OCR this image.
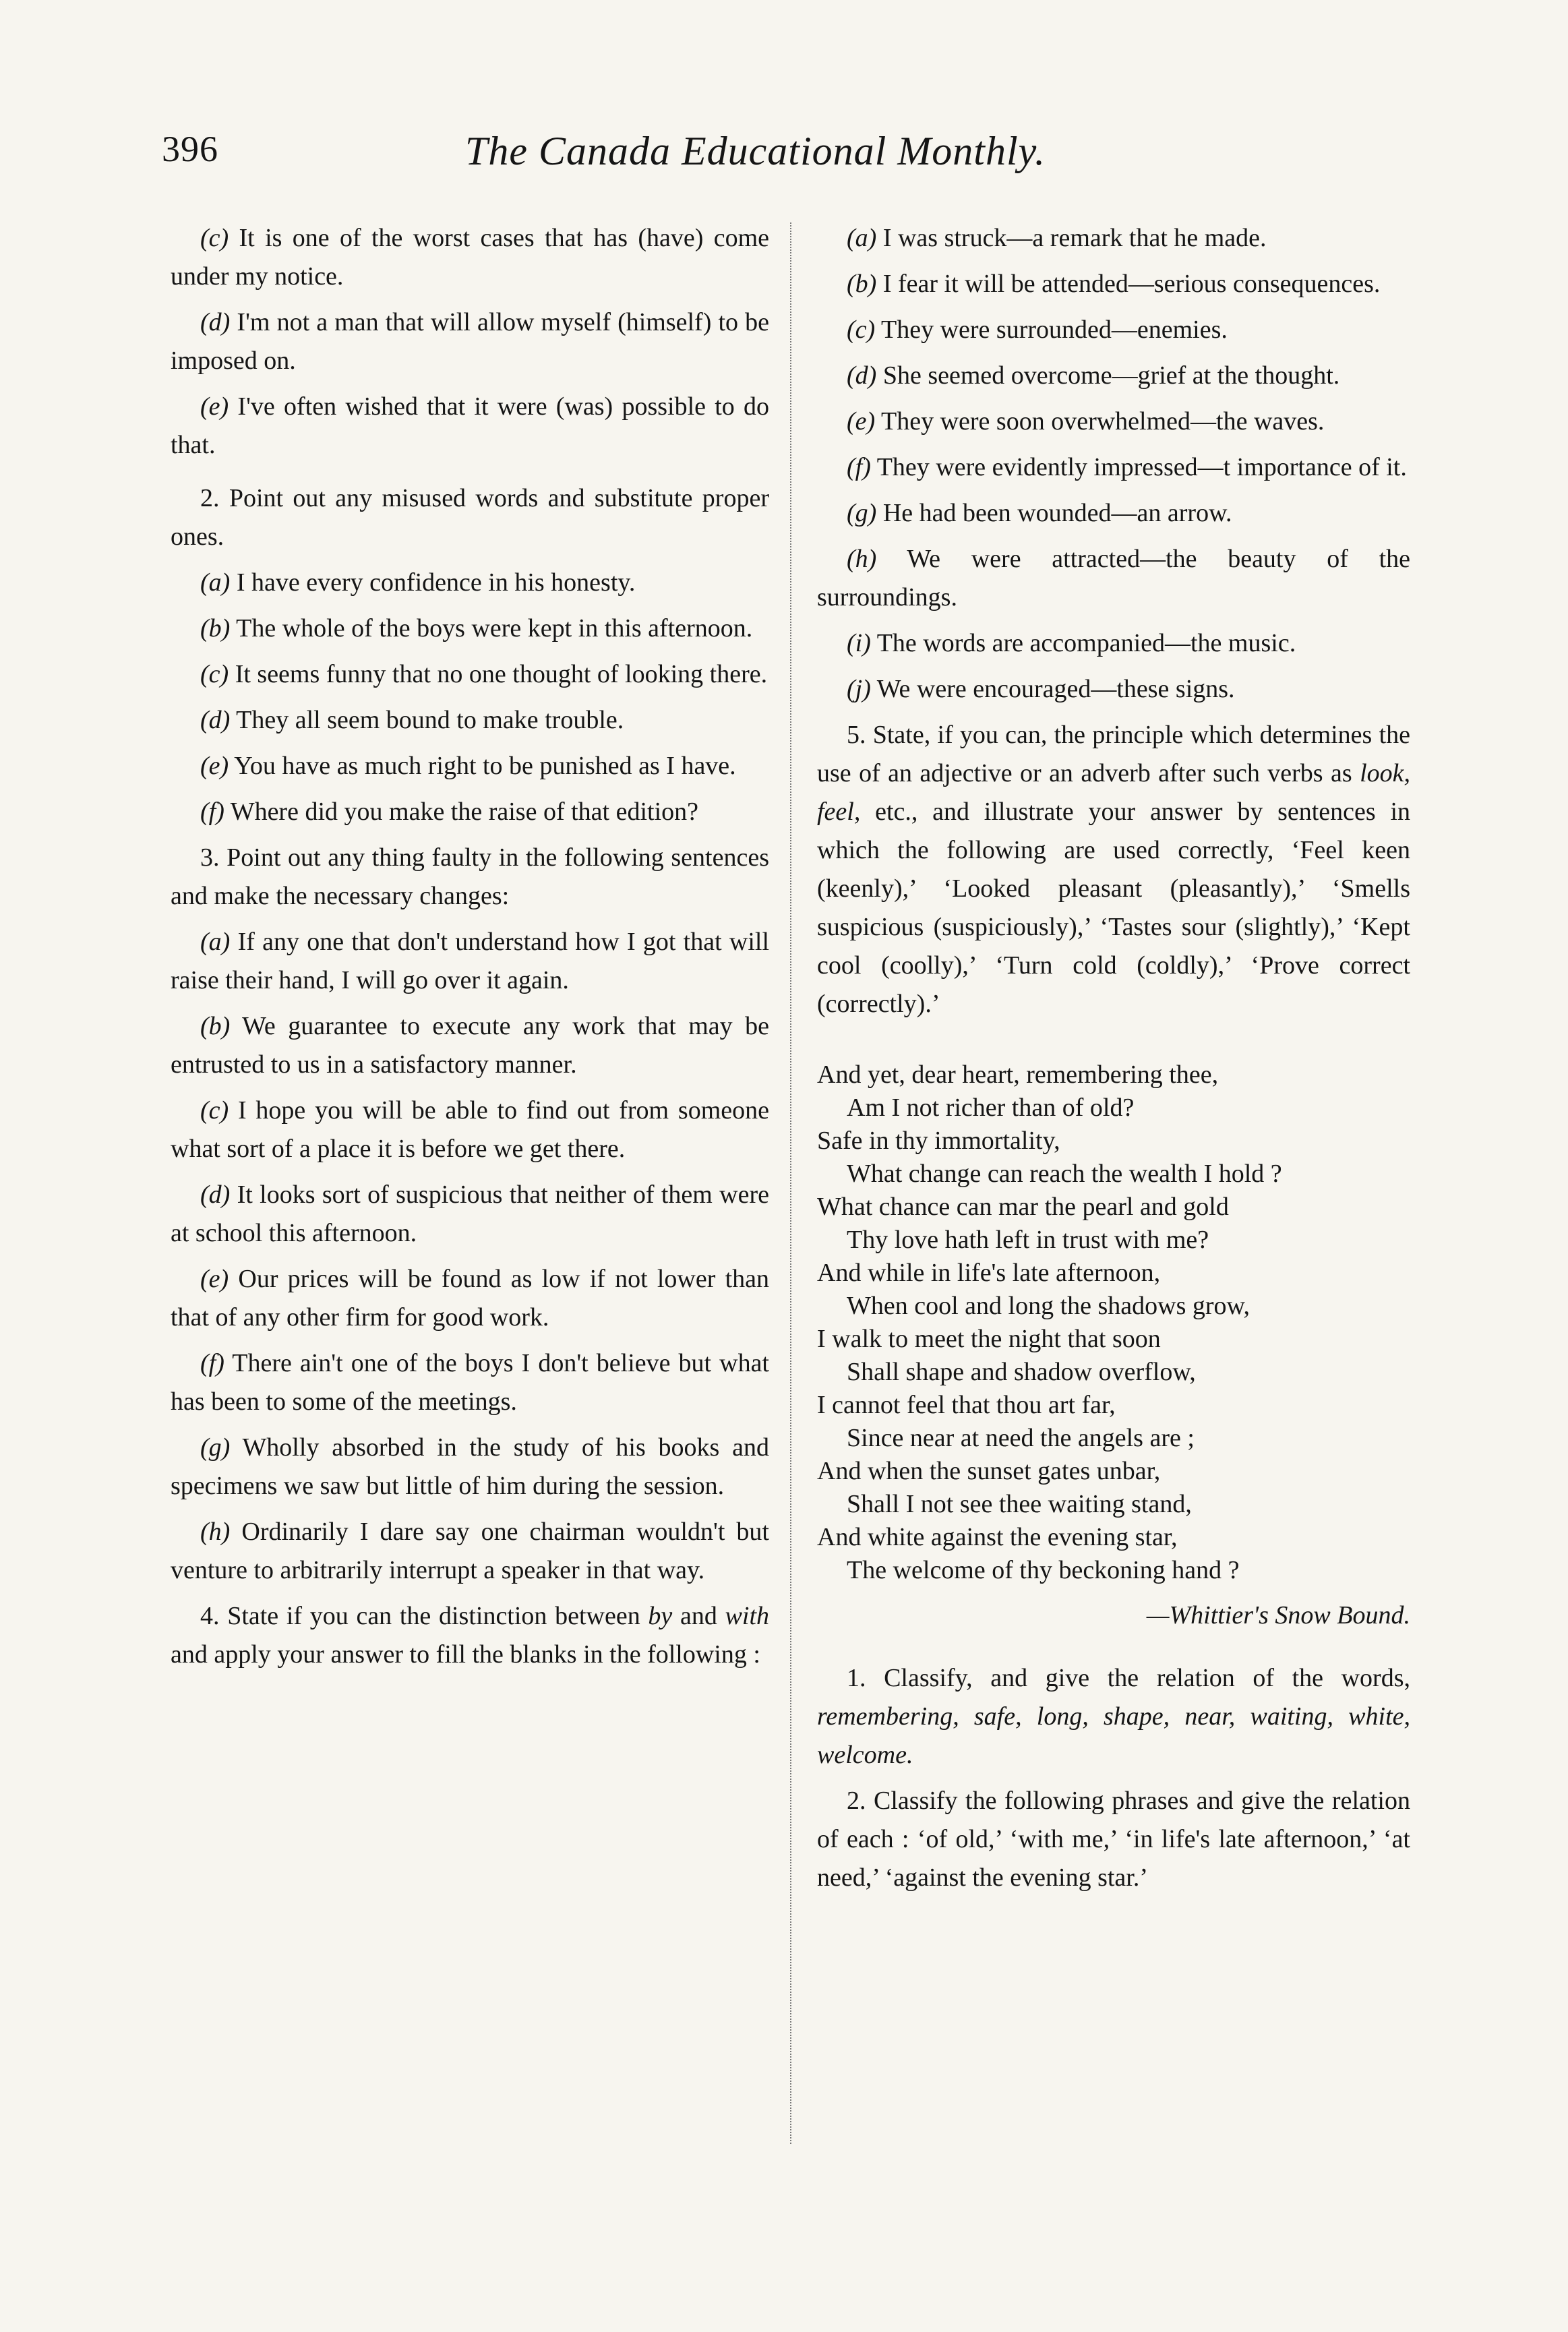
396	The Canada Educational Monthly.

(c) It is one of the worst cases that has (have) come under my notice.

(d) I'm not a man that will allow myself (himself) to be imposed on.

(e) I've often wished that it were (was) possible to do that.

2. Point out any misused words and substitute proper ones.

(a) I have every confidence in his honesty.

(b) The whole of the boys were kept in this afternoon.

(c) It seems funny that no one thought of looking there.

(d) They all seem bound to make trouble.

(e) You have as much right to be punished as I have.

(f) Where did you make the raise of that edition?

3. Point out any thing faulty in the following sentences and make the necessary changes:

(a) If any one that don't understand how I got that will raise their hand, I will go over it again.

(b) We guarantee to execute any work that may be entrusted to us in a satisfactory manner.

(c) I hope you will be able to find out from someone what sort of a place it is before we get there.

(d) It looks sort of suspicious that neither of them were at school this afternoon.

(e) Our prices will be found as low if not lower than that of any other firm for good work.

(f) There ain't one of the boys I don't believe but what has been to some of the meetings.

(g) Wholly absorbed in the study of his books and specimens we saw but little of him during the session.

(h) Ordinarily I dare say one chairman wouldn't but venture to arbitrarily interrupt a speaker in that way.

4. State if you can the distinction between by and with and apply your answer to fill the blanks in the following :

(a) I was struck—a remark that he made.

(b) I fear it will be attended—serious consequences.

(c) They were surrounded—enemies.

(d) She seemed overcome—grief at the thought.

(e) They were soon overwhelmed—the waves.

(f) They were evidently impressed—t importance of it.

(g) He had been wounded—an arrow.

(h) We were attracted—the beauty of the surroundings.

(i) The words are accompanied—the music.

(j) We were encouraged—these signs.

5. State, if you can, the principle which determines the use of an adjective or an adverb after such verbs as look, feel, etc., and illustrate your answer by sentences in which the following are used correctly, ‘Feel keen (keenly),’ ‘Looked pleasant (pleasantly),’ ‘Smells suspicious (suspiciously),’ ‘Tastes sour (slightly),’ ‘Kept cool (coolly),’ ‘Turn cold (coldly),’ ‘Prove correct (correctly).’

And yet, dear heart, remembering thee,
Am I not richer than of old?
Safe in thy immortality,
What change can reach the wealth I hold ?
What chance can mar the pearl and gold
Thy love hath left in trust with me?
And while in life's late afternoon,
When cool and long the shadows grow,
I walk to meet the night that soon
Shall shape and shadow overflow,
I cannot feel that thou art far,
Since near at need the angels are ;
And when the sunset gates unbar,
Shall I not see thee waiting stand,
And white against the evening star,
The welcome of thy beckoning hand ?
—Whittier's Snow Bound.

1. Classify, and give the relation of the words, remembering, safe, long, shape, near, waiting, white, welcome.

2. Classify the following phrases and give the relation of each : ‘of old,’ ‘with me,’ ‘in life's late afternoon,’ ‘at need,’ ‘against the evening star.’
